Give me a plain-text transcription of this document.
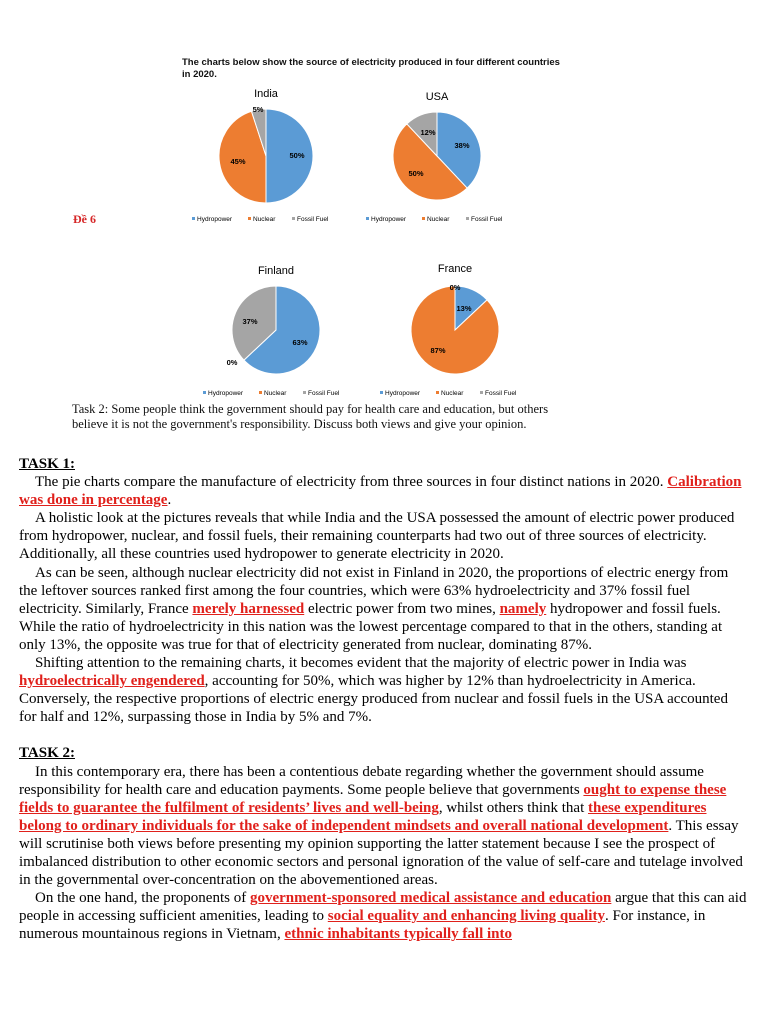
The charts below show the source of electricity produced in four different countries
in 2020.
Đề 6
India
50%
45%
5%
Hydropower	Nuclear	Fossil Fuel
USA
38%
50%
12%
Hydropower	Nuclear	Fossil Fuel
Finland
63%
0%
37%
Hydropower	Nuclear	Fossil Fuel
France
13%
87%
0%
Hydropower	Nuclear	Fossil Fuel
Task 2: Some people think the government should pay for health care and education, but others
believe it is not the government's responsibility. Discuss both views and give your opinion.

TASK 1:

The pie charts compare the manufacture of electricity from three sources in four distinct nations in 2020. Calibration was done in percentage.

A holistic look at the pictures reveals that while India and the USA possessed the amount of electric power produced from hydropower, nuclear, and fossil fuels, their remaining counterparts had two out of three sources of electricity. Additionally, all these countries used hydropower to generate electricity in 2020.

As can be seen, although nuclear electricity did not exist in Finland in 2020, the proportions of electric energy from the leftover sources ranked first among the four countries, which were 63% hydroelectricity and 37% fossil fuel electricity. Similarly, France merely harnessed electric power from two mines, namely hydropower and fossil fuels. While the ratio of hydroelectricity in this nation was the lowest percentage compared to that in the others, standing at only 13%, the opposite was true for that of electricity generated from nuclear, dominating 87%.

Shifting attention to the remaining charts, it becomes evident that the majority of electric power in India was hydroelectrically engendered, accounting for 50%, which was higher by 12% than hydroelectricity in America. Conversely, the respective proportions of electric energy produced from nuclear and fossil fuels in the USA accounted for half and 12%, surpassing those in India by 5% and 7%.

TASK 2:

In this contemporary era, there has been a contentious debate regarding whether the government should assume responsibility for health care and education payments. Some people believe that governments ought to expense these fields to guarantee the fulfilment of residents’ lives and well-being, whilst others think that these expenditures belong to ordinary individuals for the sake of independent mindsets and overall national development. This essay will scrutinise both views before presenting my opinion supporting the latter statement because I see the prospect of imbalanced distribution to other economic sectors and personal ignoration of the value of self-care and tutelage involved in the governmental over-concentration on the abovementioned areas.

On the one hand, the proponents of government-sponsored medical assistance and education argue that this can aid people in accessing sufficient amenities, leading to social equality and enhancing living quality. For instance, in numerous mountainous regions in Vietnam, ethnic inhabitants typically fall into
